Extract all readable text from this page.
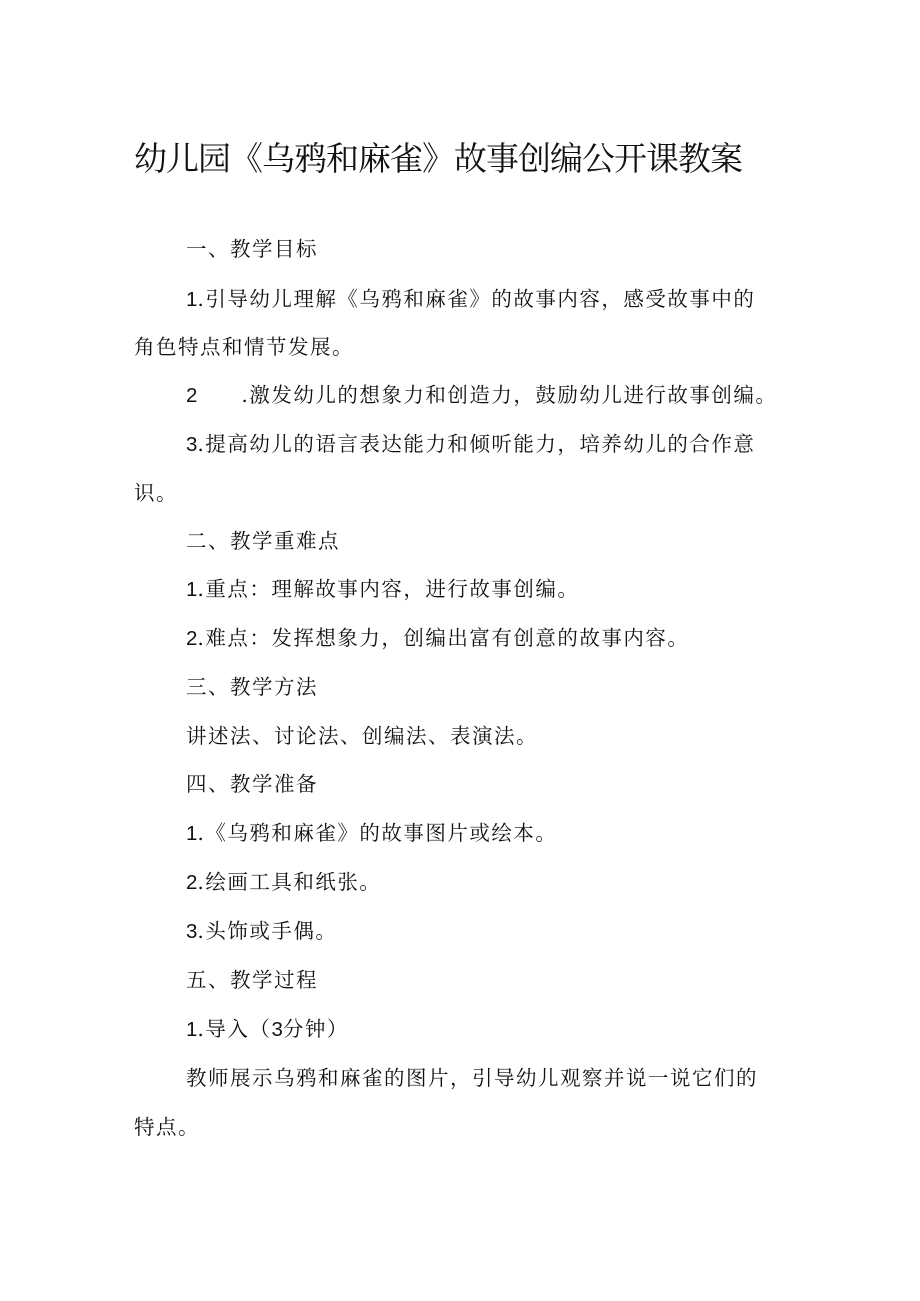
幼儿园《乌鸦和麻雀》故事创编公开课教案
一、教学目标
1.引导幼儿理解《乌鸦和麻雀》的故事内容，感受故事中的
角色特点和情节发展。
2 .激发幼儿的想象力和创造力，鼓励幼儿进行故事创编。
3.提高幼儿的语言表达能力和倾听能力，培养幼儿的合作意
识。
二、教学重难点
1.重点：理解故事内容，进行故事创编。
2.难点：发挥想象力，创编出富有创意的故事内容。
三、教学方法
讲述法、讨论法、创编法、表演法。
四、教学准备
1.《乌鸦和麻雀》的故事图片或绘本。
2.绘画工具和纸张。
3.头饰或手偶。
五、教学过程
1.导入（3分钟）
教师展示乌鸦和麻雀的图片，引导幼儿观察并说一说它们的
特点。
